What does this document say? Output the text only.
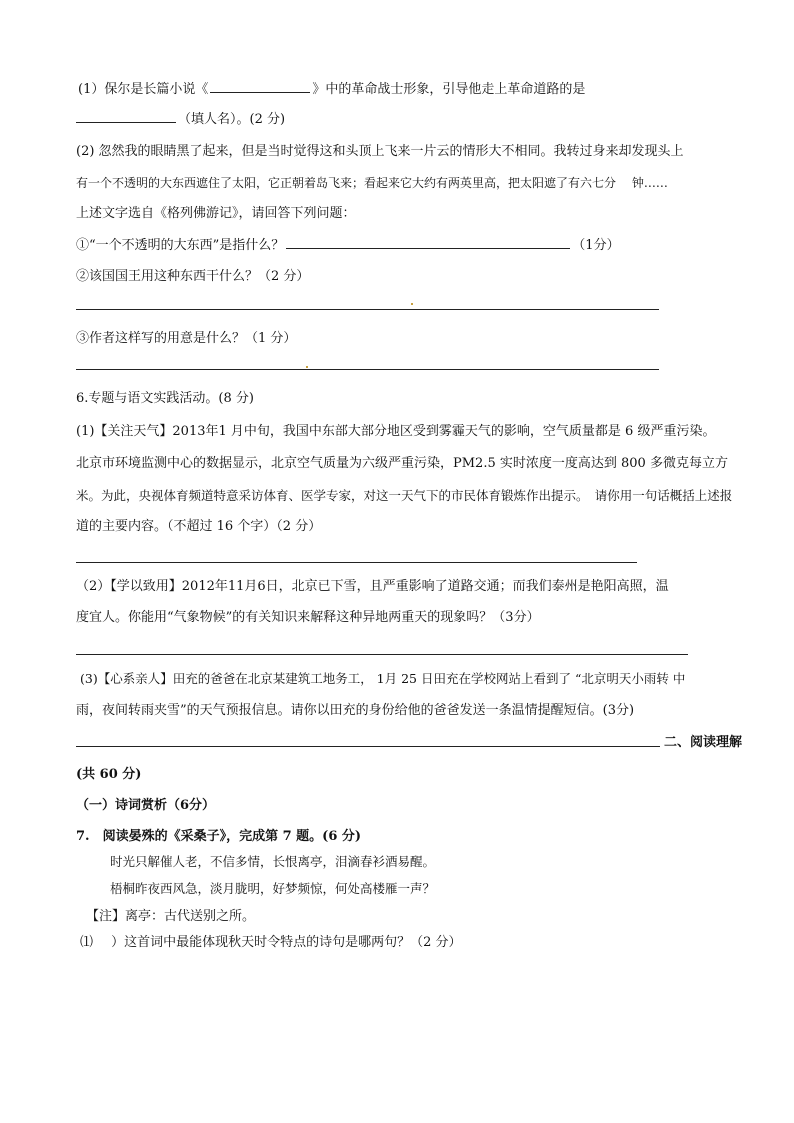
(1）保尔是长篇小说《	》中的革命战士形象，引导他走上革命道路的是
（填人名）。(2 分)
(2) 忽然我的眼睛黑了起来，但是当时觉得这和头顶上飞来一片云的情形大不相同。我转过身来却发现头上
有一个不透明的大东西遮住了太阳，它正朝着岛飞来；看起来它大约有两英里高，把太阳遮了有六七分　 钟……
上述文字选自《格列佛游记》，请回答下列问题：
①“一个不透明的大东西”是指什么？	（1分）
②该国国王用这种东西干什么？（2 分）
③作者这样写的用意是什么？（1 分）
6.专题与语文实践活动。(8 分)
(1)【关注天气】2013年1 月中旬，我国中东部大部分地区受到雾霾天气的影响，空气质量都是 6 级严重污染。
北京市环境监测中心的数据显示，北京空气质量为六级严重污染，PM2.5 实时浓度一度高达到 800 多微克每立方
米。为此，央视体育频道特意采访体育、医学专家，对这一天气下的市民体育锻炼作出提示。　请你用一句话概括上述报
道的主要内容。（不超过 16 个字）（2 分）
（2）【学以致用】2012年11月6日，北京已下雪，且严重影响了道路交通；而我们泰州是艳阳高照，温
度宜人。你能用“气象物候”的有关知识来解释这种异地两重天的现象吗？（3分）
(3)【心系亲人】田充的爸爸在北京某建筑工地务工， 1月 25 日田充在学校网站上看到了 “北京明天小雨转 中
雨，夜间转雨夹雪”的天气预报信息。请你以田充的身份给他的爸爸发送一条温情提醒短信。(3分)
二、阅读理解
(共 60 分)
（一）诗词赏析（6分）
7.　阅读晏殊的《采桑子》，完成第 7 题。(6 分)
时光只解催人老，不信多情，长恨离亭，泪滴春衫酒易醒。
梧桐昨夜西风急，淡月胧明，好梦频惊，何处高楼雁一声？
【注】离亭：古代送别之所。
⑴ ）这首词中最能体现秋天时令特点的诗句是哪两句？（2 分）
